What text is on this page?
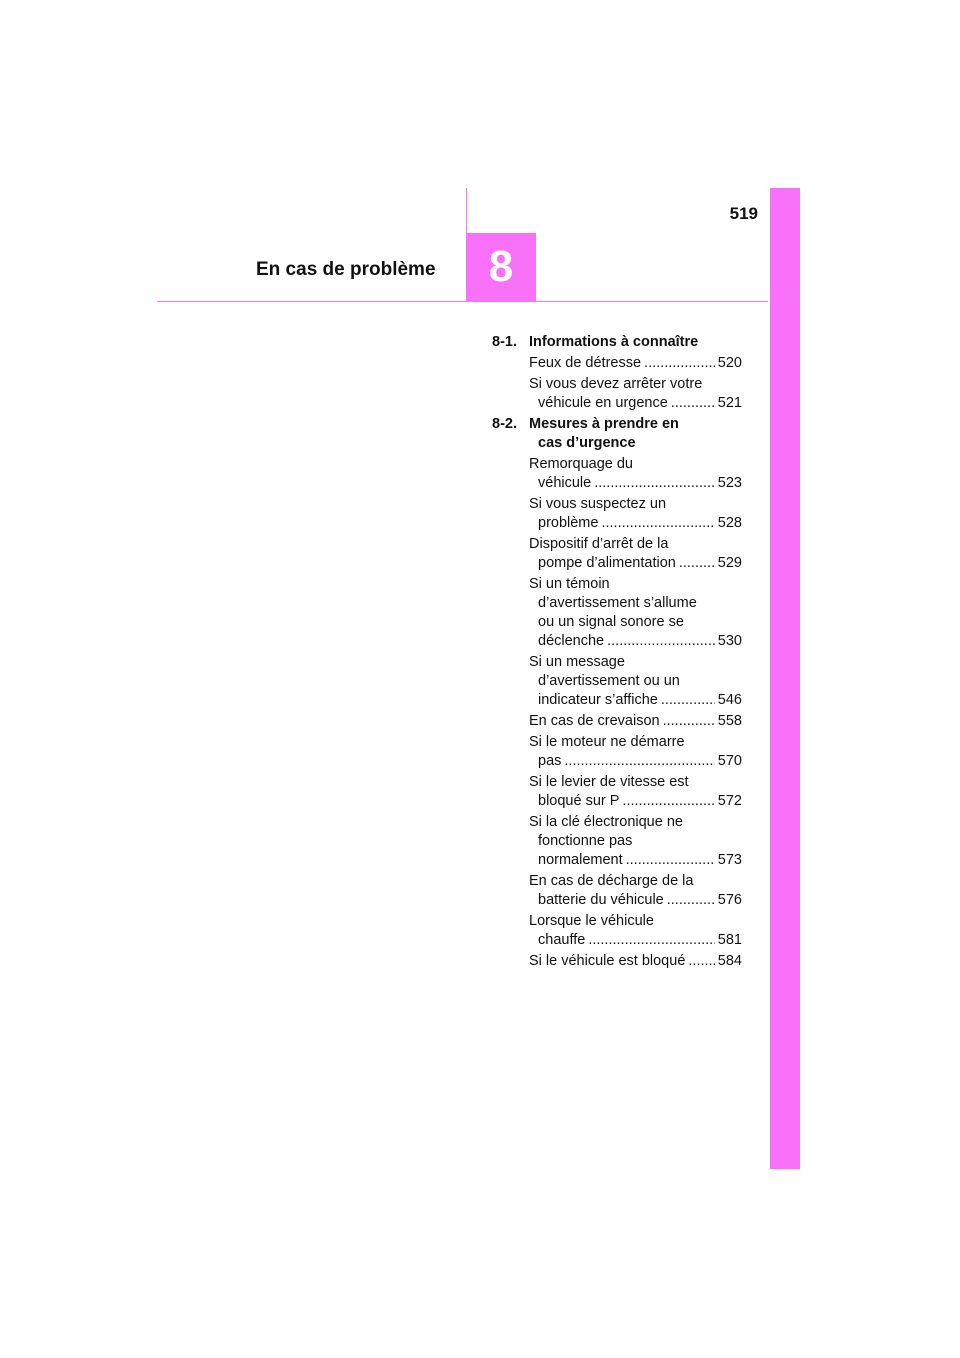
519
8
En cas de problème
8-1. Informations à connaître
Feux de détresse .....	520
Si vous devez arrêter votre
véhicule en urgence .....	521
8-2. Mesures à prendre en
cas d’urgence
Remorquage du
véhicule .....	523
Si vous suspectez un
problème .....	528
Dispositif d’arrêt de la
pompe d’alimentation .....	529
Si un témoin
d’avertissement s’allume
ou un signal sonore se
déclenche .....	530
Si un message
d’avertissement ou un
indicateur s’affiche .....	546
En cas de crevaison .....	558
Si le moteur ne démarre
pas .....	570
Si le levier de vitesse est
bloqué sur P .....	572
Si la clé électronique ne
fonctionne pas
normalement .....	573
En cas de décharge de la
batterie du véhicule .....	576
Lorsque le véhicule
chauffe .....	581
Si le véhicule est bloqué ..... 584
